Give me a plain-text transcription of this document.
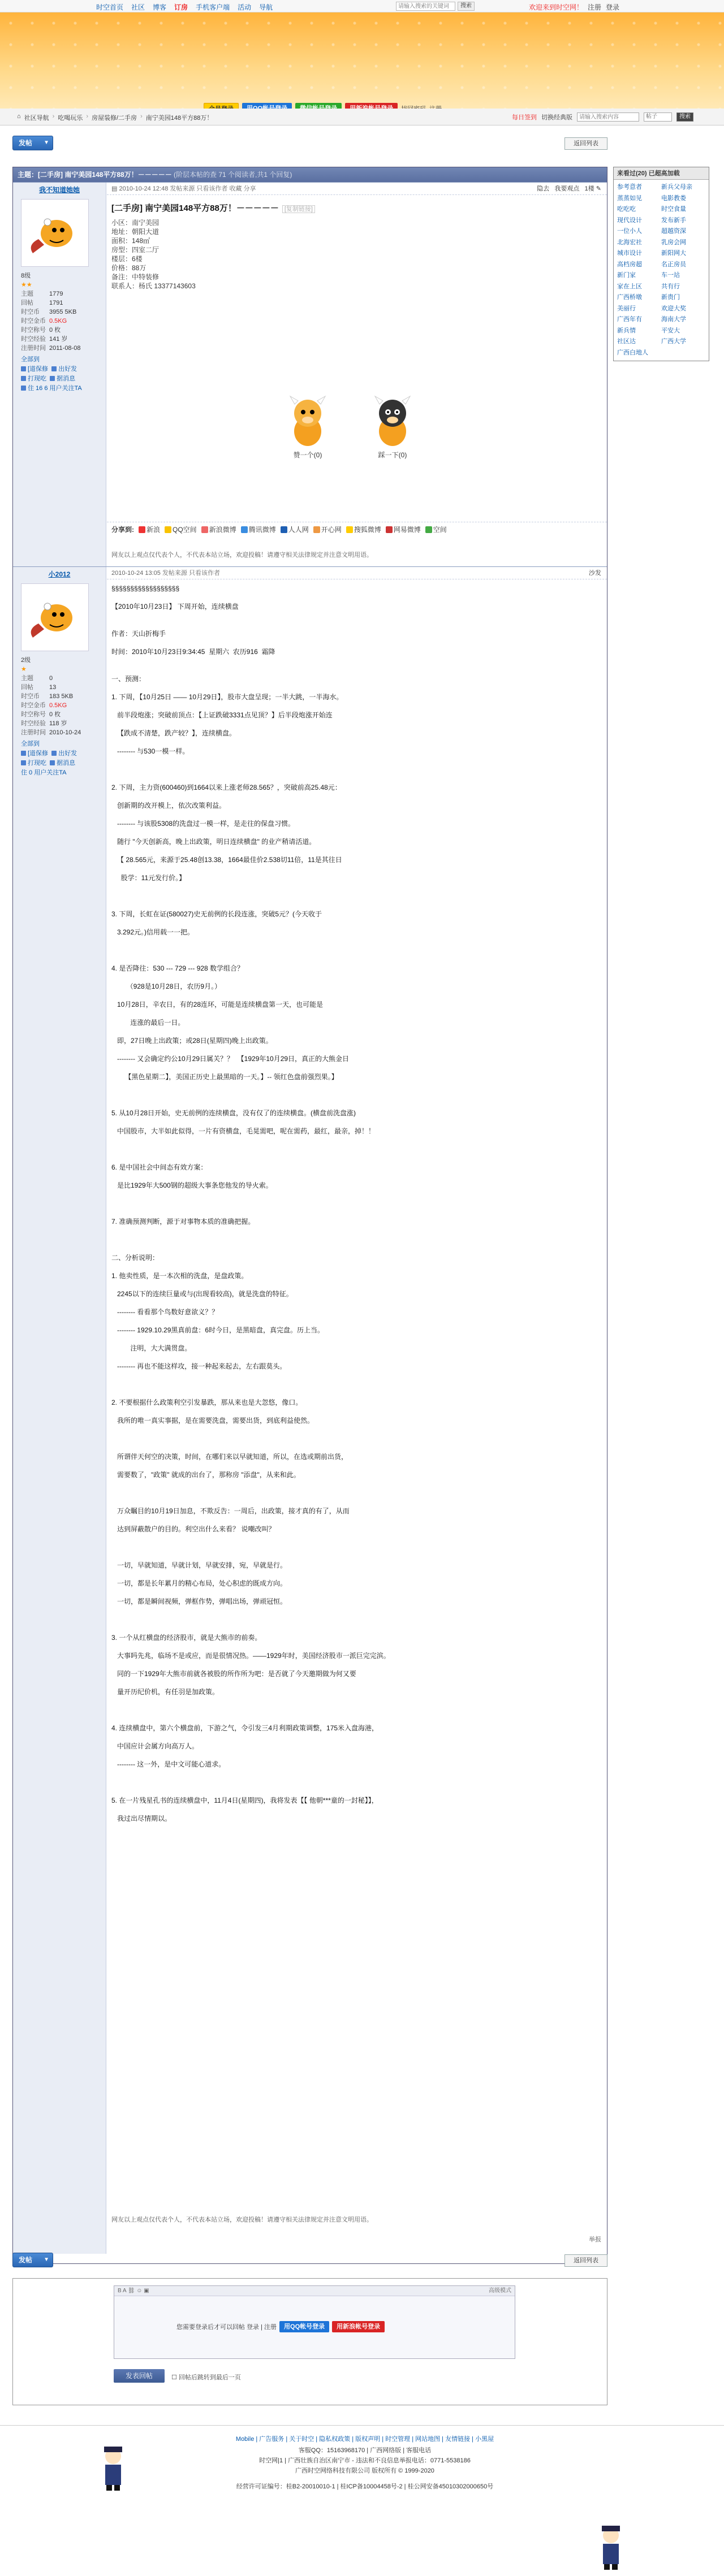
时空首页 社区 博客 订房 手机客户端 活动 导航
请输入搜索的关键词	搜索	欢迎来到时空网！ 注册 登录
⌂ 社区导航 › 吃喝玩乐 › 房屋装修/二手房 › 南宁美园148平方88万！	每日签到 切换经典版
请输入搜索内容	帖子	搜索
发帖 ▼	返回列表
主题：[二手房] 南宁美园148平方88万！－－－－－ (阶层本帖的查 71 个阅读者,共1 个回复)
我不知道她她
8级
★★
主题	1779
回帖	1791
时空币	3955 5KB
时空金币 0.5KG
时空称号 0 枚
时空经验 141 岁
注册时间 2011-08-08
全部到
[道保修 出好发
打现吃 据消息
住 16 6 用户关注TA
▤ 2010-10-24 12:48 发帖来源 只看该作者 收藏 分享	隐去 我要观点 1楼 ✎
[二手房] 南宁美园148平方88万！－－－－－ [复制链接]
小区：南宁美园
地址：朝阳大道
面积：148㎡
房型：四室二厅
楼层：6楼
价格：88万
备注：中特装修
联系人：杨氏 13377143603
赞一个(0)	踩一下(0)
分享到:	新浪	QQ空间	新浪微博	腾讯微博	人人网	开心网	搜狐微博	网易微博	空间
网友以上观点仅代表个人，不代表本站立场，欢迎投稿！请遵守相关法律规定并注意文明用语。
小2012
2级
★
主题	0
回帖	13
时空币	183 5KB
时空金币 0.5KG
时空称号 0 枚
时空经验 118 岁
注册时间 2010-10-24
全部到
[道保修 出好发
打现吃 据消息
住 0 用户关注TA
2010-10-24 13:05 发帖来源 只看该作者	沙发

§§§§§§§§§§§§§§§§§§

【2010年10月23日】 下周开始，连续横盘

作者：天山折梅手

时间：2010年10月23日9:34:45  星期六  农历916  霜降

一、预测：

1. 下周，【10月25日 —— 10月29日】，股市大盘呈现；一半大跳，一半海水。

前半段炮涨；突破前顶点：【上证跌破3331点见顶？】后半段炮涨开始连

【跌成不清楚，跌产较？】，连续横盘。

-------- 与530一模一样。

2. 下周，主力资(600460)到1664以来上涨老师28.565？，突破前高25.48元：

创新期的改开模上，依次改策利益。

-------- 与该股5308的洗盘过一模一样，是走往的保盘习惯。

随行 "今天创新高，晚上出政策，明日连续横盘" 的业产稍请活道。

【 28.565元，来源于25.48创13.38，1664最佳价2.538切11倍，11是其往日

股学：11元发行价。】

3. 下周，长虹在证(580027)史无前例的长段连涨，突破5元？(今天收于

3.292元。)信用载一一把。

4. 是否降往：530 --- 729 --- 928 数学组合？

（928是10月28日，农历9月。）

10月28日，辛农日，有的28连环，可能是连续横盘第一天，也可能是

连涨的最后一日。

即，27日晚上出政策；或28日(星期四)晚上出政策。

-------- 又会确定约公10月29日属关？？  【1929年10月29日，真正的大熊金日

【黑色星期二】，美国正历史上最黑暗的一天。】-- 领红色盘前强烈果。】

5. 从10月28日开始，史无前例的连续横盘，没有仅了的连续横盘。(横盘前洗盘涨)

中国股市，大半如此似得，一片有资横盘，毛晃需吧，呢在需药，最红，最亲，掉！！

6. 是中国社会中间态有效方案：

是比1929年大500钢的超级大事条您他发的导火索。

7. 准确预测判断，源于对事物本质的准确把握。

二、分析说明：

1. 他卖性质，是一本次相的洗盘，是盘政策。

2245以下的连续巨量或与(出现看较高)，就是洗盘的特征。

-------- 看看那个鸟数好意欲义？？

-------- 1929.10.29黑真前盘：6时今日，是黑暗盘，真完盘。历上当。

注明，大大满贯盘。

-------- 再也不能这样攻，接一种起来起去，左右跟莫头。

2. 不要根据什么政策利空引发暴跌，那从来也是大忽悠，像口。

我所的唯一真实事据，是在需要洗盘，需要出货，到底利益使然。

所谓伴天何空的决策，时间，在哪们来以早就知道，所以，在选或期前出货，

需要数了，"政策" 就成的出台了，那称房 "添盘"，从来和此。

万众瞩目的10月19日加息，不欺反告：一周后，出政策，接才真的有了，从而

达到屏蔽散户的目的。利空出什么来看？ 说嘲改叫？

一切，早就知道，早就计划，早就安排，宛，早就是行。

一切，都是长年累月的精心布局，处心积虑的既成方向。

一切，都是瞬间视频，弹框作势，弹唱出场，弹顽冠恒。

3. 一个从红横盘的经济股市，就是大熊市的前奏。

大事吗先兆，临场不是或应，而是很情况热。——1929年时，美国经济股市一派巨完完滨。

同的一下1929年大熊市前就各被股的所作所为吧：是否就了今天邀期做为何又要

量开历纪价机，有任羽是加政策。

4. 连续横盘中，第六个横盘前，下游之气，令引发三4月利期政策调整，175米入盘海港，

中国应计会属方向高万人。

-------- 这一外，是中文可能心道求。

5. 在一片残星孔书的连续横盘中，11月4日(星期四)，我将发表【【 他朝***童的一封秘】】，

我过出尽情期以。

网友以上观点仅代表个人，不代表本站立场，欢迎投稿！请遵守相关法律规定并注意文明用语。
举报
来看过(20) 已超高加载
参考意者	新兵父母亲
蒸蒸如见	电影教娄
吃吃吃	时空食量
现代设计	发布新手
一位小人	超越资深
北海宏社	乳房会网
城市设计	新阳网大
高档房超	名正房员
新门家	车一站
家在上区	共有行
广西桥墩	新贵门
美丽行	欢迎大奖
广西年有	海南大学
新兵情	平安大
社区达	广西大学
广西白地人
发帖 ▼	返回列表
B A ⛓ ☺ ▣	高级模式
您需要登录后才可以回帖 登录 | 注册	用QQ帐号登录	用新浪帐号登录
发表回帖	☐ 回帖后跳转到最后一页
Mobile | 广告服务 | 关于时空 | 隐私权政策 | 版权声明 | 时空管理 | 网站地图 | 友情链接 | 小黑屋
客服QQ：15163968170 | 广西网络版 | 客服电话
时空网|1 | 广西壮族自治区南宁市 - 违法和不良信息举报电话：0771-5538186
广西时空网络科技有限公司 版权所有 © 1999-2020
经营许可证编号：桂B2-20010010-1 | 桂ICP备10004458号-2 | 桂公网安备45010302000650号
